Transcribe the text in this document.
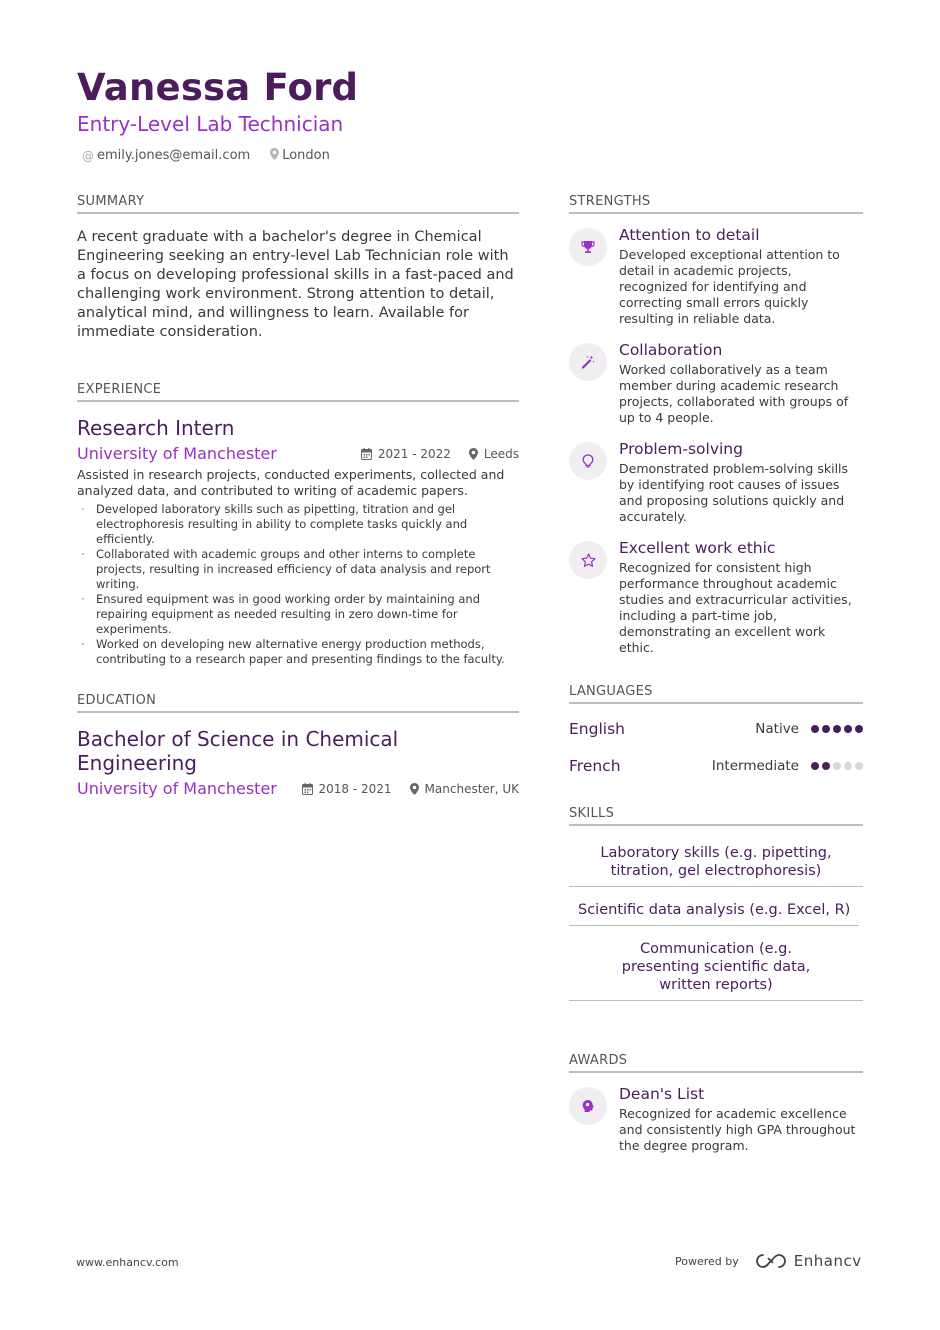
Vanessa Ford
Entry-Level Lab Technician
@ emily.jones@email.com London
SUMMARY
A recent graduate with a bachelor's degree in Chemical Engineering seeking an entry-level Lab Technician role with a focus on developing professional skills in a fast-paced and challenging work environment. Strong attention to detail, analytical mind, and willingness to learn. Available for immediate consideration.
EXPERIENCE
Research Intern
University of Manchester	2021 - 2022	Leeds
Assisted in research projects, conducted experiments, collected and analyzed data, and contributed to writing of academic papers.
· Developed laboratory skills such as pipetting, titration and gel electrophoresis resulting in ability to complete tasks quickly and efficiently.
· Collaborated with academic groups and other interns to complete projects, resulting in increased efficiency of data analysis and report writing.
· Ensured equipment was in good working order by maintaining and repairing equipment as needed resulting in zero down-time for experiments.
· Worked on developing new alternative energy production methods, contributing to a research paper and presenting findings to the faculty.
EDUCATION
Bachelor of Science in Chemical Engineering
University of Manchester	2018 - 2021	Manchester, UK
STRENGTHS
Attention to detail
Developed exceptional attention to detail in academic projects, recognized for identifying and correcting small errors quickly resulting in reliable data.
Collaboration
Worked collaboratively as a team member during academic research projects, collaborated with groups of up to 4 people.
Problem-solving
Demonstrated problem-solving skills by identifying root causes of issues and proposing solutions quickly and accurately.
Excellent work ethic
Recognized for consistent high performance throughout academic studies and extracurricular activities, including a part-time job, demonstrating an excellent work ethic.
LANGUAGES
English	Native
French	Intermediate
SKILLS
Laboratory skills (e.g. pipetting, titration, gel electrophoresis)
Scientific data analysis (e.g. Excel, R)
Communication (e.g. presenting scientific data, written reports)
AWARDS
Dean's List
Recognized for academic excellence and consistently high GPA throughout the degree program.
www.enhancv.com	Powered by	Enhancv
